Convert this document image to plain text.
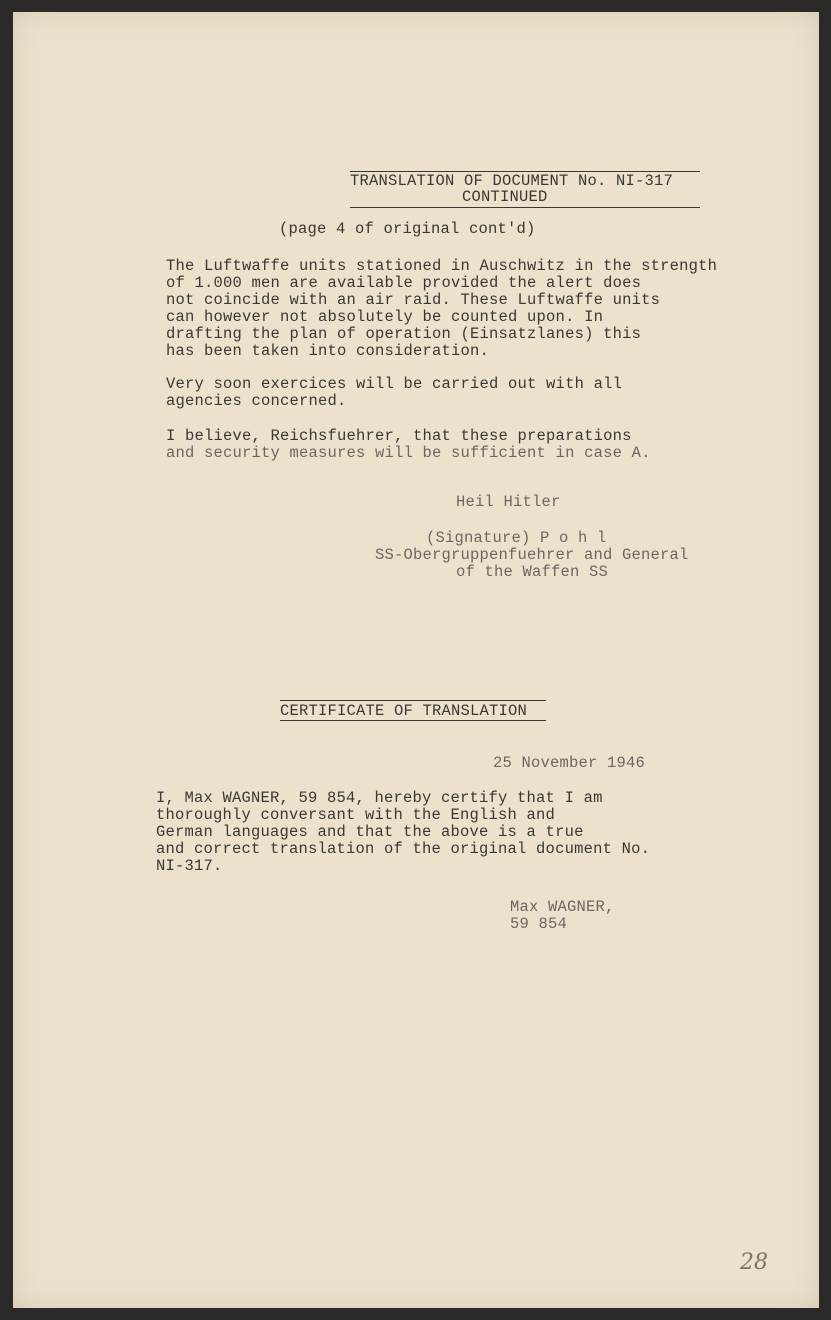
TRANSLATION OF DOCUMENT No. NI-317

CONTINUED

(page 4 of original cont'd)

The Luftwaffe units stationed in Auschwitz in the strength

of 1.000 men are available provided the alert does

not coincide with an air raid. These Luftwaffe units

can however not absolutely be counted upon. In

drafting the plan of operation (Einsatzlanes) this

has been taken into consideration.

Very soon exercices will be carried out with all

agencies concerned.

I believe, Reichsfuehrer, that these preparations

and security measures will be sufficient in case A.

Heil Hitler

(Signature) P o h l

SS-Obergruppenfuehrer and General

of the Waffen SS

CERTIFICATE OF TRANSLATION

25 November 1946

I, Max WAGNER, 59 854, hereby certify that I am

thoroughly conversant with the English and

German languages and that the above is a true

and correct translation of the original document No.

NI-317.

Max WAGNER,

59 854

28
